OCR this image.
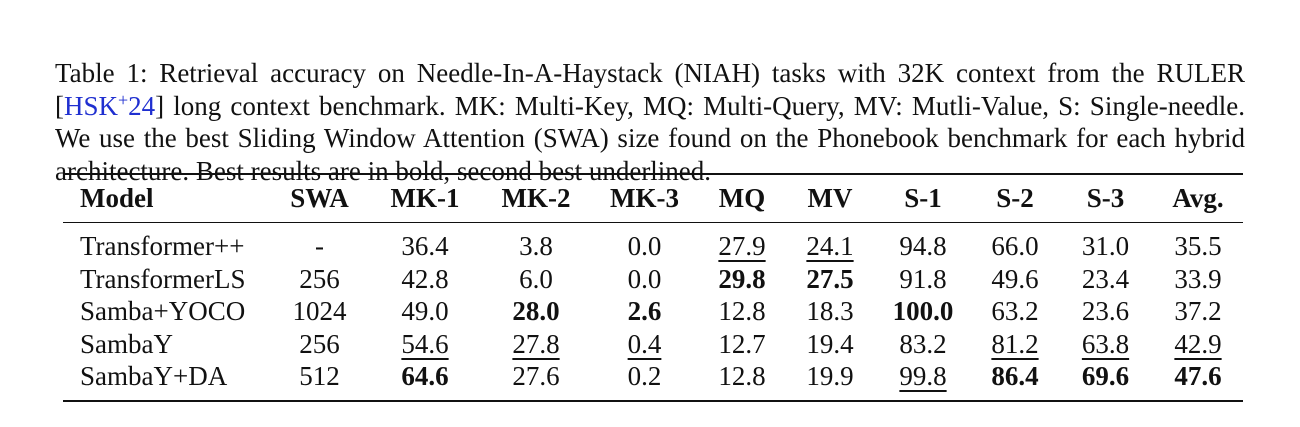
Table 1: Retrieval accuracy on Needle-In-A-Haystack (NIAH) tasks with 32K context from the RULER [HSK+24] long context benchmark. MK: Multi-Key, MQ: Multi-Query, MV: Mutli-Value, S: Single-needle. We use the best Sliding Window Attention (SWA) size found on the Phonebook benchmark for each hybrid architecture. Best results are in bold, second best underlined.

Model	SWA	MK-1	MK-2	MK-3	MQ	MV	S-1	S-2	S-3	Avg.
Transformer++	-	36.4	3.8	0.0	27.9	24.1	94.8	66.0	31.0	35.5
TransformerLS	256	42.8	6.0	0.0	29.8	27.5	91.8	49.6	23.4	33.9
Samba+YOCO	1024	49.0	28.0	2.6	12.8	18.3	100.0	63.2	23.6	37.2
SambaY	256	54.6	27.8	0.4	12.7	19.4	83.2	81.2	63.8	42.9
SambaY+DA	512	64.6	27.6	0.2	12.8	19.9	99.8	86.4	69.6	47.6
